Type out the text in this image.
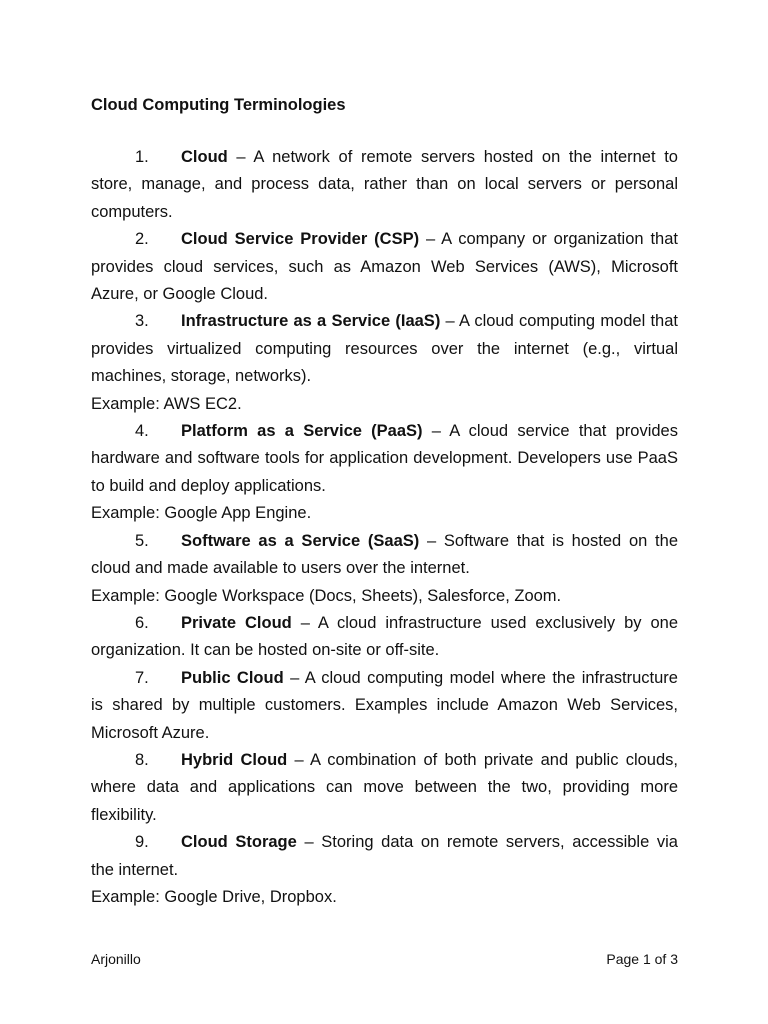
Cloud Computing Terminologies

1. Cloud – A network of remote servers hosted on the internet to store, manage, and process data, rather than on local servers or personal computers.

2. Cloud Service Provider (CSP) – A company or organization that provides cloud services, such as Amazon Web Services (AWS), Microsoft Azure, or Google Cloud.

3. Infrastructure as a Service (IaaS) – A cloud computing model that provides virtualized computing resources over the internet (e.g., virtual machines, storage, networks).

Example: AWS EC2.

4. Platform as a Service (PaaS) – A cloud service that provides hardware and software tools for application development. Developers use PaaS to build and deploy applications.

Example: Google App Engine.

5. Software as a Service (SaaS) – Software that is hosted on the cloud and made available to users over the internet.

Example: Google Workspace (Docs, Sheets), Salesforce, Zoom.

6. Private Cloud – A cloud infrastructure used exclusively by one organization. It can be hosted on-site or off-site.

7. Public Cloud – A cloud computing model where the infrastructure is shared by multiple customers. Examples include Amazon Web Services, Microsoft Azure.

8. Hybrid Cloud – A combination of both private and public clouds, where data and applications can move between the two, providing more flexibility.

9. Cloud Storage – Storing data on remote servers, accessible via the internet.

Example: Google Drive, Dropbox.

Arjonillo	Page 1 of 3
